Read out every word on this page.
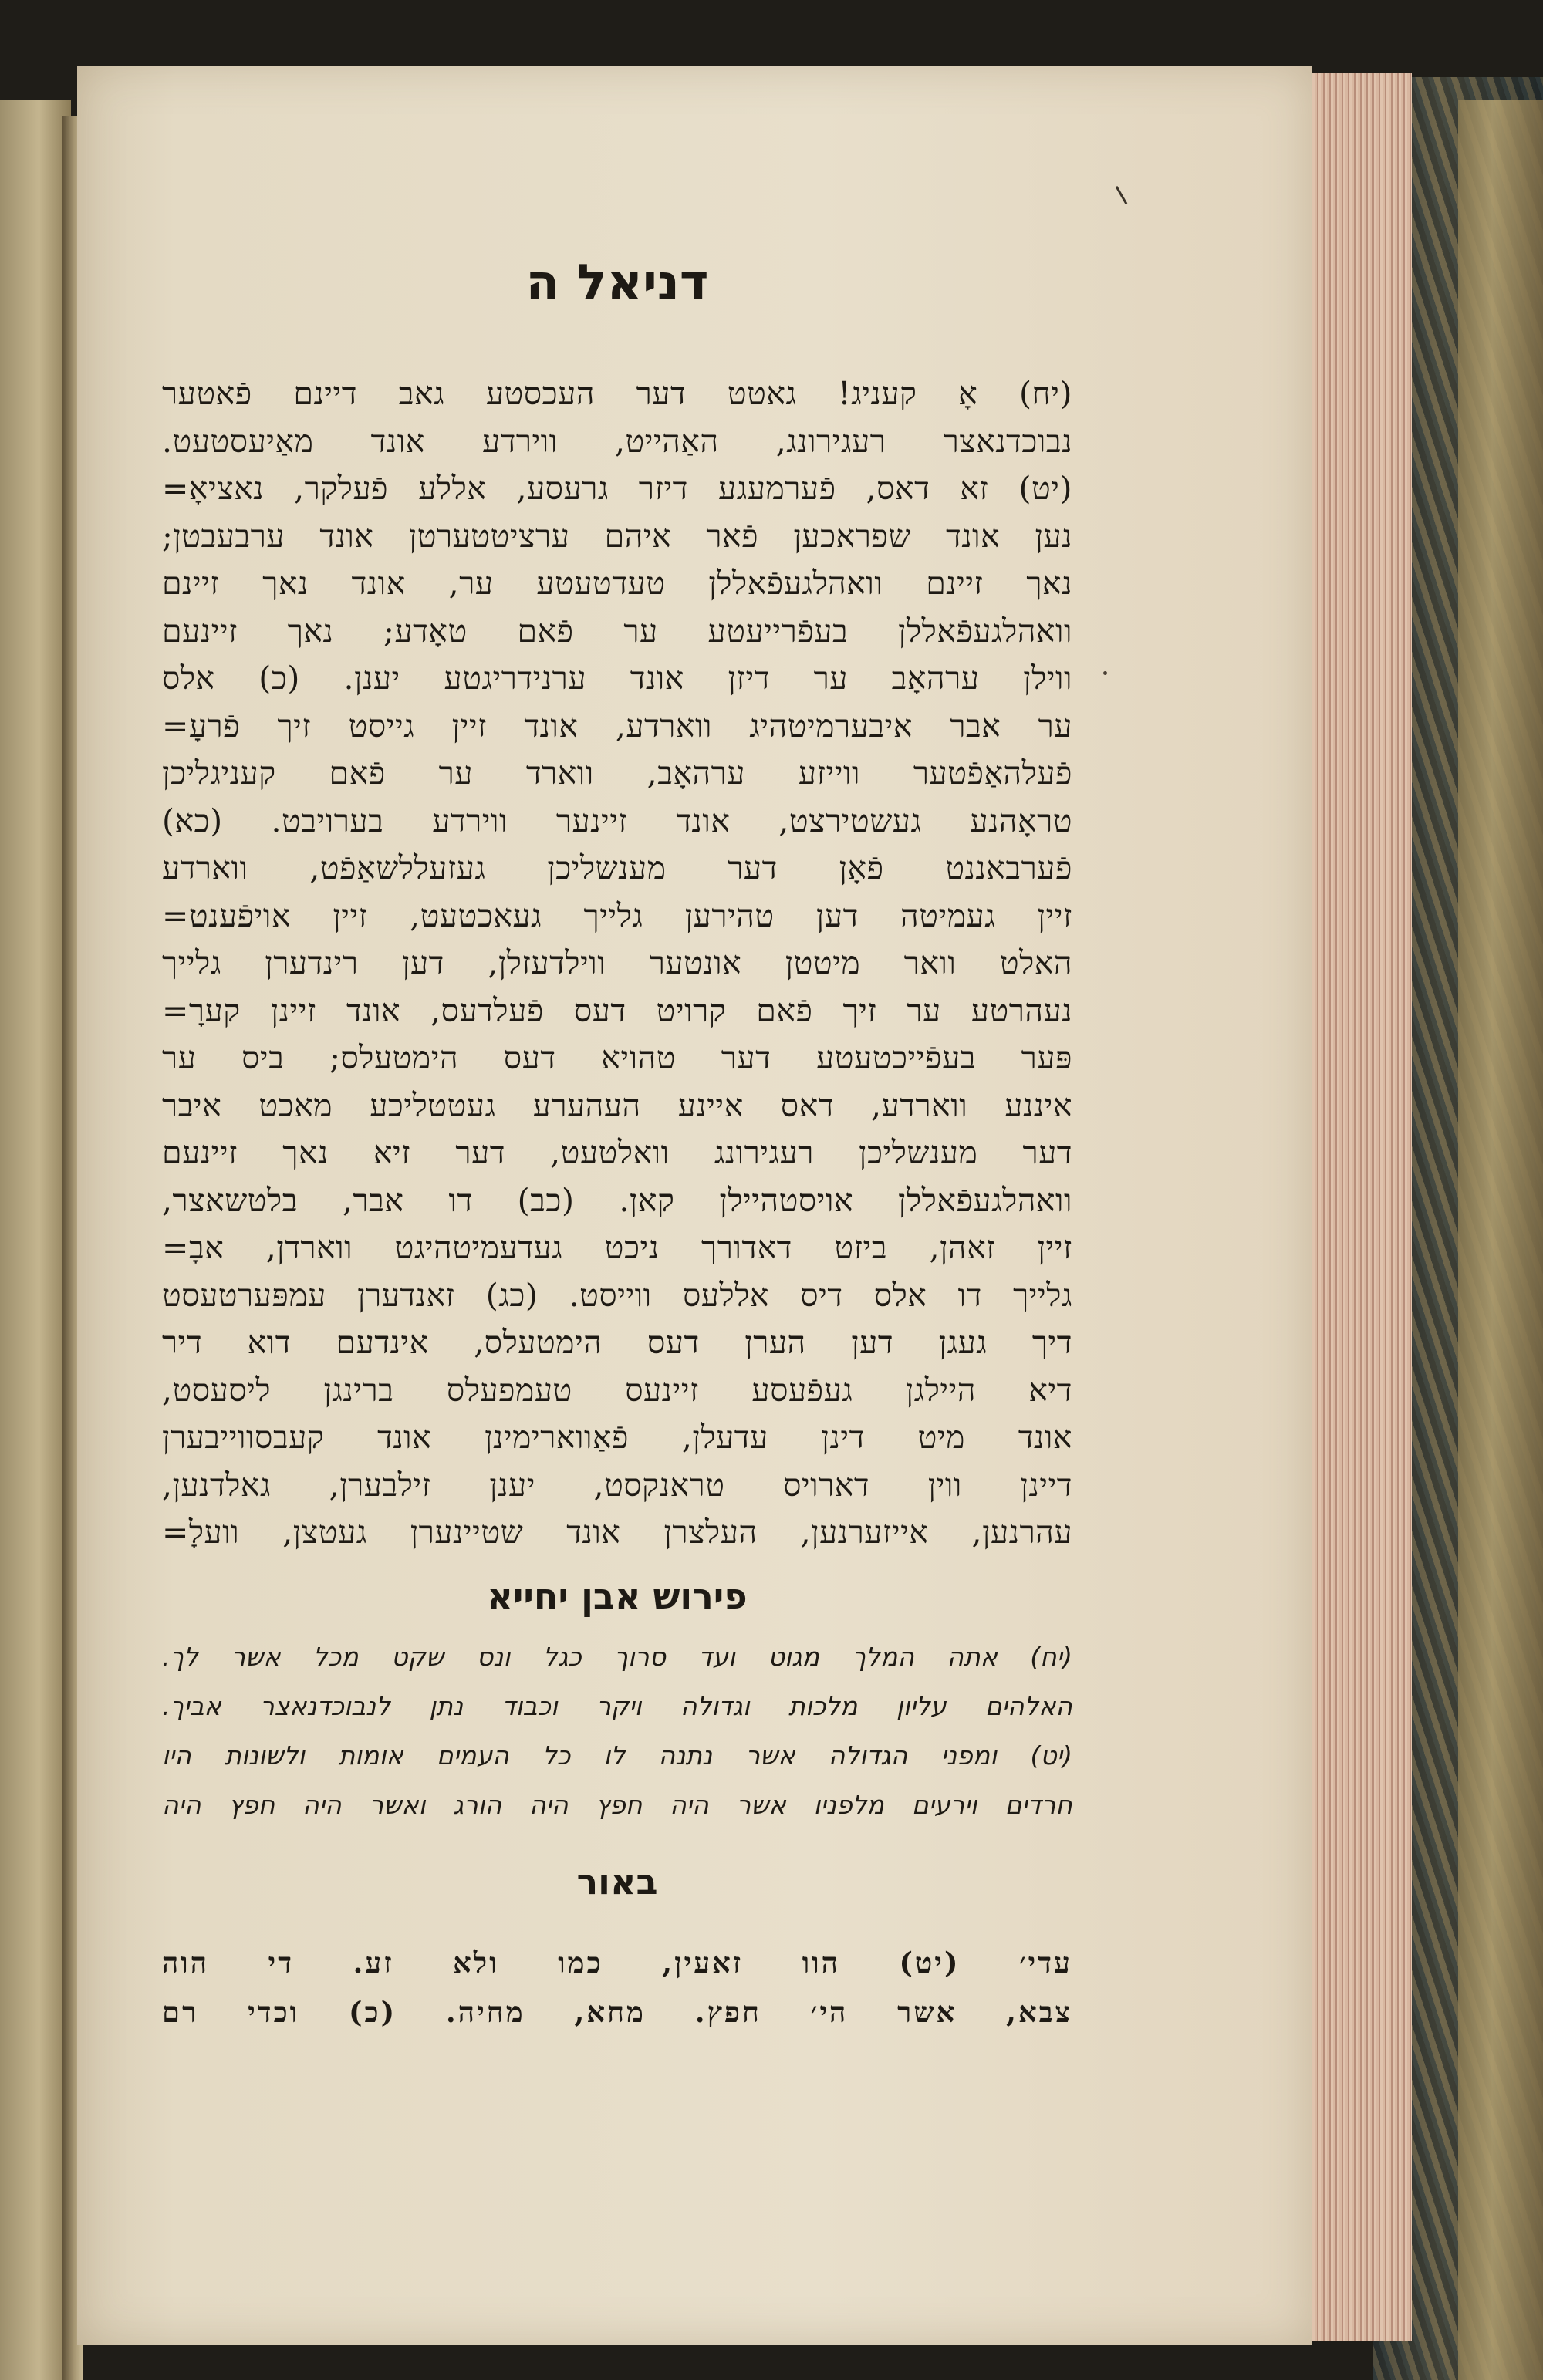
דניאל ה
(יח) אָ קעניג! גאטט דער העכסטע גאב דיינם פֿאטער
נבוכדנאצר רעגירונג, האַהייט, ווירדע אונד מאַיעסטעט.
(יט) זא דאס, פֿערמעגע דיזר גרעסע, אללע פֿעלקר, נאציאָ=
נען אונד שפראכען פֿאר איהם ערציטטערטן אונד ערבעבטן;
נאך זיינם וואהלגעפֿאללן טעדטעטע ער, אונד נאך זיינם
וואהלגעפֿאללן בעפֿרייעטע ער פֿאם טאָדע; נאך זיינעם
ווילן ערהאָב ער דיזן אונד ערנידריגטע יענן. (כ) אלס
ער אבר איבערמיטהיג ווארדע, אונד זיין גייסט זיך פֿרעָ=
פֿעלהאַפֿטער ווייזע ערהאָב, ווארד ער פֿאם קעניגליכן
טראָהנע געשטירצט, אונד זיינער ווירדע בערויבט. (כא)
פֿערבאננט פֿאָן דער מענשליכן געזעללשאַפֿט, ווארדע
זיין געמיטה דען טהירען גלייך געאכטעט, זיין אויפֿענט=
האלט וואר מיטטן אונטער ווילדעזלן, דען רינדערן גלייך
נעהרטע ער זיך פֿאם קרויט דעס פֿעלדעס, אונד זיינן קערָ=
פּער בעפֿייכטעטע דער טהויא דעס הימטעלס; ביס ער
איננע ווארדע, דאס איינע העהערע געטטליכע מאכט איבר
דער מענשליכן רעגירונג וואלטעט, דער זיא נאך זיינעם
וואהלגעפֿאללן אויסטהיילן קאן. (כב) דו אבר, בלטשאצר,
זיין זאהן, ביזט דאדורך ניכט געדעמיטהיגט ווארדן, אבָ=
גלייך דו אלס דיס אללעס ווייסט. (כג) זאנדערן עמפּערטעסט
דיך געגן דען הערן דעס הימטעלס, אינדעם דוא דיר
דיא היילגן געפֿעסע זיינעס טעמפעלס ברינגן ליסעסט,
אונד מיט דינן עדעלן, פֿאַווארימינן אונד קעבסווייבערן
דיינן ווין דארויס טראנקסט, יענן זילבערן, גאלדנען,
עהרנען, אייזערנען, העלצרן אונד שטיינערן געטצן, וועלָ=
פירוש אבן יחייא
(יח) אתה המלך מגוט ועד סרוך כגל ונס שקט מכל אשר לך.
האלהים עליון מלכות וגדולה ויקר וכבוד נתן לנבוכדנאצר אביך.
(יט) ומפני הגדולה אשר נתנה לו כל העמים אומות ולשונות היו
חרדים וירעים מלפניו אשר היה חפץ היה הורג ואשר היה חפץ היה
באור
עדי׳ (יט) הוו זאעין, כמו ולא זע. די הוה
צבא, אשר הי׳ חפץ. מחא, מחיה. (כ) וכדי רם
